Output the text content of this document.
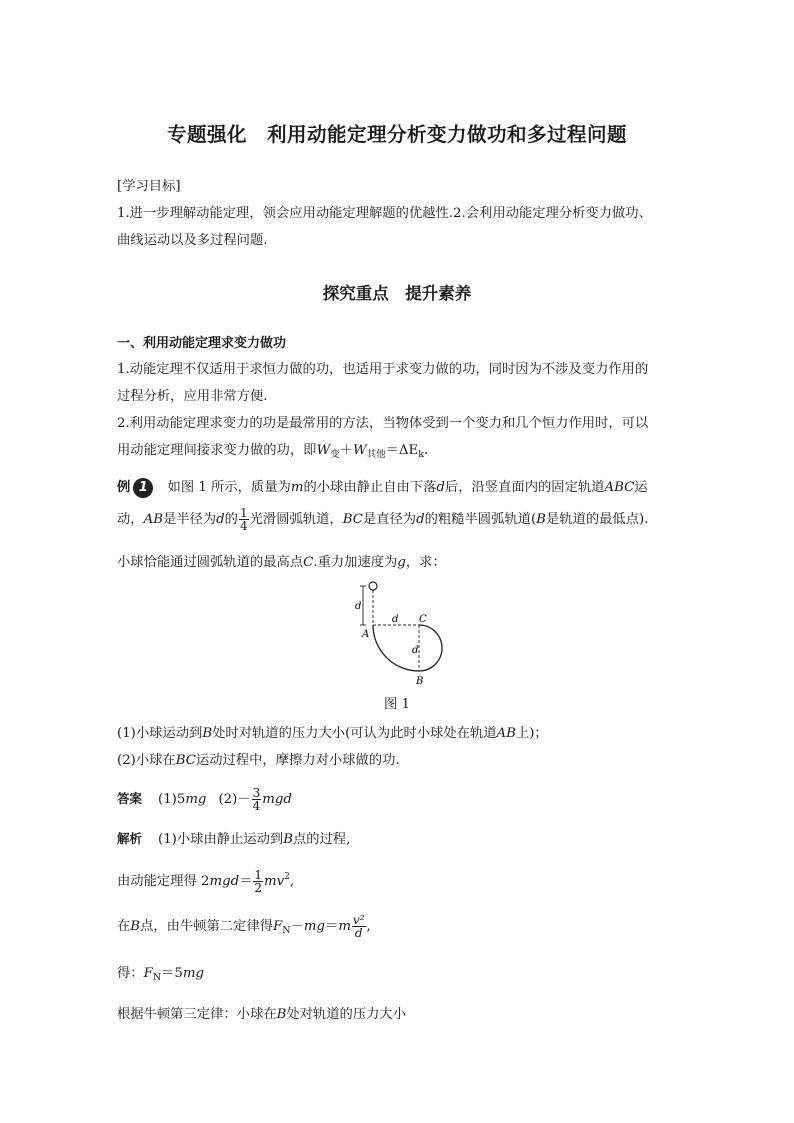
专题强化　利用动能定理分析变力做功和多过程问题
[学习目标]
1.进一步理解动能定理，领会应用动能定理解题的优越性.2.会利用动能定理分析变力做功、
曲线运动以及多过程问题.
探究重点　提升素养
一、利用动能定理求变力做功
1.动能定理不仅适用于求恒力做的功，也适用于求变力做的功，同时因为不涉及变力作用的
过程分析，应用非常方便.
2.利用动能定理求变力的功是最常用的方法，当物体受到一个变力和几个恒力作用时，可以
用动能定理间接求变力做的功，即$W_变+W_{其他}=\Delta E_k$.
例 1 如图 1 所示，质量为m的小球由静止自由下落d后，沿竖直面内的固定轨道ABC运
动，AB是半径为d的 $\frac{1}{4}$ 光滑圆弧轨道，BC是直径为d的粗糙半圆弧轨道(B是轨道的最低点).
小球恰能通过圆弧轨道的最高点C.重力加速度为g，求：
d
d
A
C
d
B
图 1
(1)小球运动到B处时对轨道的压力大小(可认为此时小球处在轨道AB上)；
(2)小球在BC运动过程中，摩擦力对小球做的功.
答案 (1)5mg $(2)- \frac{3}{4}$ mgd
解析 (1)小球由静止运动到B点的过程,
由动能定理得 $2mgd= \frac{1}{2} mv^2$,
在B点，由牛顿第二定律得$F_N-mg=m \frac{\text{v²}}{d}$ ,
得：$F_N=5mg$
根据牛顿第三定律：小球在B处对轨道的压力大小
